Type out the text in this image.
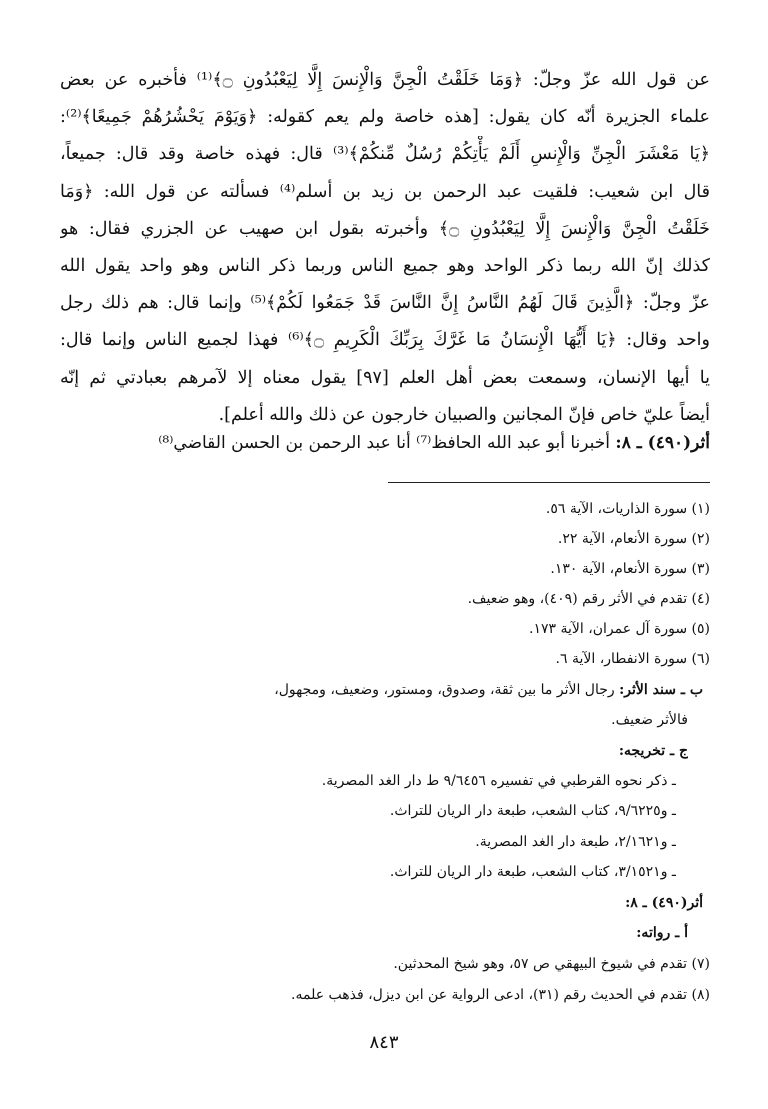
عن قول الله عزّ وجلّ: ﴿وَمَا خَلَقْتُ الْجِنَّ وَالْإِنسَ إِلَّا لِيَعْبُدُونِ ۝﴾⁽¹⁾ فأخبره عن بعض
علماء الجزيرة أنّه كان يقول: [هذه خاصة ولم يعم كقوله: ﴿وَيَوْمَ يَحْشُرُهُمْ جَمِيعًا﴾⁽²⁾:
﴿يَا مَعْشَرَ الْجِنِّ وَالْإِنسِ أَلَمْ يَأْتِكُمْ رُسُلٌ مِّنكُمْ﴾⁽³⁾ قال: فهذه خاصة وقد قال: جميعاً،
قال ابن شعيب: فلقيت عبد الرحمن بن زيد بن أسلم⁽⁴⁾ فسألته عن قول الله: ﴿وَمَا
خَلَقْتُ الْجِنَّ وَالْإِنسَ إِلَّا لِيَعْبُدُونِ ۝﴾ وأخبرته بقول ابن صهيب عن الجزري فقال: هو
كذلك إنّ الله ربما ذكر الواحد وهو جميع الناس وربما ذكر الناس وهو واحد يقول الله
عزّ وجلّ: ﴿الَّذِينَ قَالَ لَهُمُ النَّاسُ إِنَّ النَّاسَ قَدْ جَمَعُوا لَكُمْ﴾⁽⁵⁾ وإنما قال: هم ذلك رجل
واحد وقال: ﴿يَا أَيُّهَا الْإِنسَانُ مَا غَرَّكَ بِرَبِّكَ الْكَرِيمِ ۝﴾⁽⁶⁾ فهذا لجميع الناس وإنما قال:
يا أيها الإنسان، وسمعت بعض أهل العلم [٩٧] يقول معناه إلا لآمرهم بعبادتي ثم إنّه
أيضاً عليّ خاص فإنّ المجانين والصبيان خارجون عن ذلك والله أعلم].
أثر(٤٩٠) ـ ٨: أخبرنا أبو عبد الله الحافظ⁽⁷⁾ أنا عبد الرحمن بن الحسن القاضي⁽⁸⁾
(١) سورة الذاريات، الآية ٥٦.
(٢) سورة الأنعام، الآية ٢٢.
(٣) سورة الأنعام، الآية ١٣٠.
(٤) تقدم في الأثر رقم (٤٠٩)، وهو ضعيف.
(٥) سورة آل عمران، الآية ١٧٣.
(٦) سورة الانفطار، الآية ٦.
ب ـ سند الأثر: رجال الأثر ما بين ثقة، وصدوق، ومستور، وضعيف، ومجهول،
فالأثر ضعيف.
ج ـ تخريجه:
ـ ذكر نحوه القرطبي في تفسيره ٩/٦٤٥٦ ط دار الغد المصرية.
ـ و٩/٦٢٢٥، كتاب الشعب، طبعة دار الريان للتراث.
ـ و٢/١٦٢١، طبعة دار الغد المصرية.
ـ و٣/١٥٢١، كتاب الشعب، طبعة دار الريان للتراث.
أثر(٤٩٠) ـ ٨:
أ ـ رواته:
(٧) تقدم في شيوخ البيهقي ص ٥٧، وهو شيخ المحدثين.
(٨) تقدم في الحديث رقم (٣١)، ادعى الرواية عن ابن ديزل، فذهب علمه.
٨٤٣
